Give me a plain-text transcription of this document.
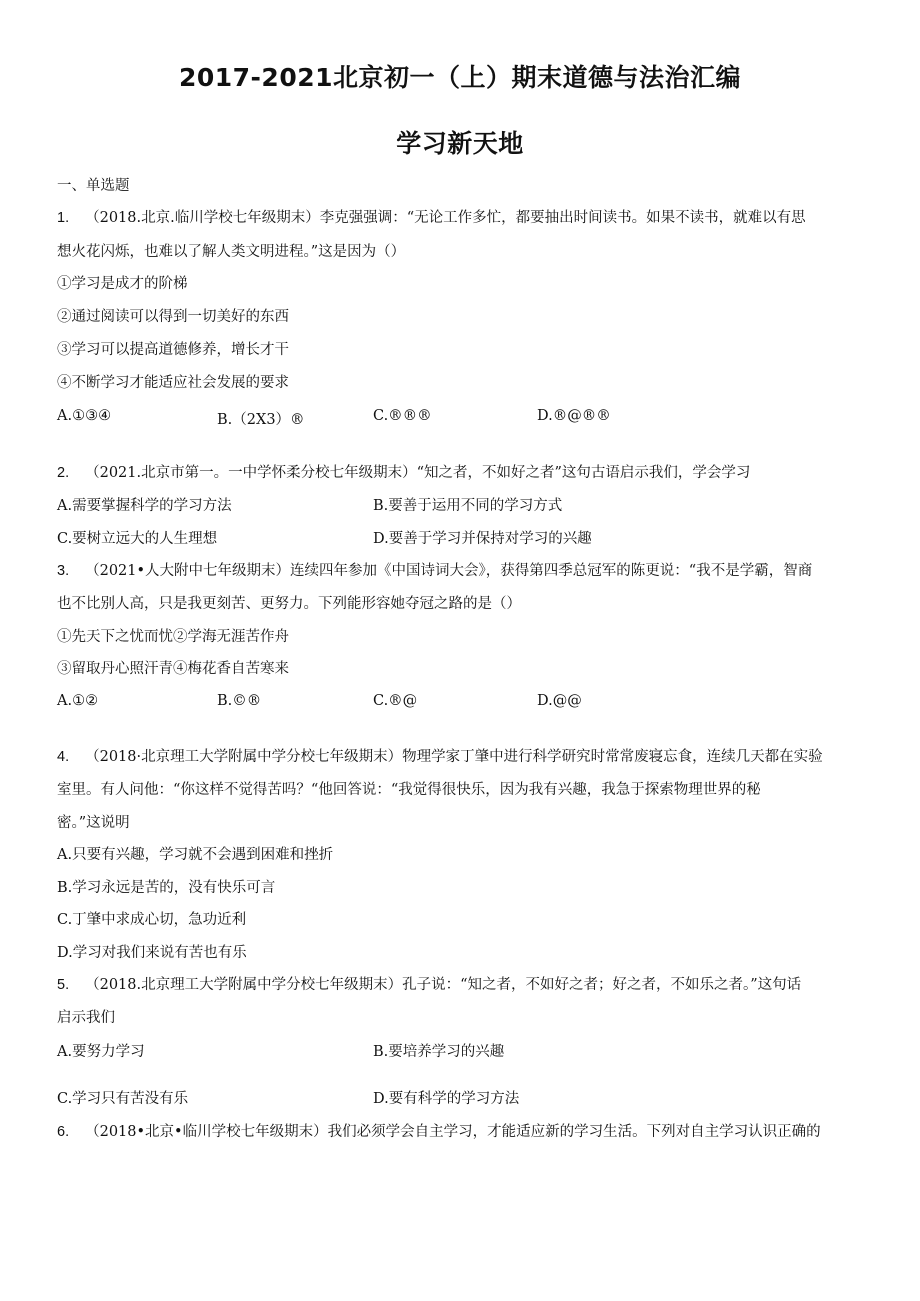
2017-2021北京初一（上）期末道德与法治汇编
学习新天地
一、单选题
1. （2018.北京.临川学校七年级期末）李克强强调：“无论工作多忙，都要抽出时间读书。如果不读书，就难以有思
想火花闪烁，也难以了解人类文明进程。”这是因为（）
①学习是成才的阶梯
②通过阅读可以得到一切美好的东西
③学习可以提高道德修养，增长才干
④不断学习才能适应社会发展的要求
A.①③④	B.（2X3）®	C.®®®	D.®@®®
2. （2021.北京市第一。一中学怀柔分校七年级期末）“知之者，不如好之者”这句古语启示我们，学会学习
A.需要掌握科学的学习方法	B.要善于运用不同的学习方式
C.要树立远大的人生理想	D.要善于学习并保持对学习的兴趣
3. （2021•人大附中七年级期末）连续四年参加《中国诗词大会》，获得第四季总冠军的陈更说：“我不是学霸，智商
也不比别人高，只是我更刻苦、更努力。下列能形容她夺冠之路的是（）
①先天下之忧而忧②学海无涯苦作舟
③留取丹心照汗青④梅花香自苦寒来
A.①②	B.©®	C.®@	D.@@
4. （2018·北京理工大学附属中学分校七年级期末）物理学家丁肇中进行科学研究时常常废寝忘食，连续几天都在实验
室里。有人问他：“你这样不觉得苦吗？“他回答说：“我觉得很快乐，因为我有兴趣，我急于探索物理世界的秘
密。”这说明
A.只要有兴趣，学习就不会遇到困难和挫折
B.学习永远是苦的，没有快乐可言
C.丁肇中求成心切，急功近利
D.学习对我们来说有苦也有乐
5. （2018.北京理工大学附属中学分校七年级期末）孔子说：“知之者，不如好之者；好之者，不如乐之者。”这句话
启示我们
A.要努力学习	B.要培养学习的兴趣
C.学习只有苦没有乐	D.要有科学的学习方法
6. （2018•北京•临川学校七年级期末）我们必须学会自主学习，才能适应新的学习生活。下列对自主学习认识正确的
